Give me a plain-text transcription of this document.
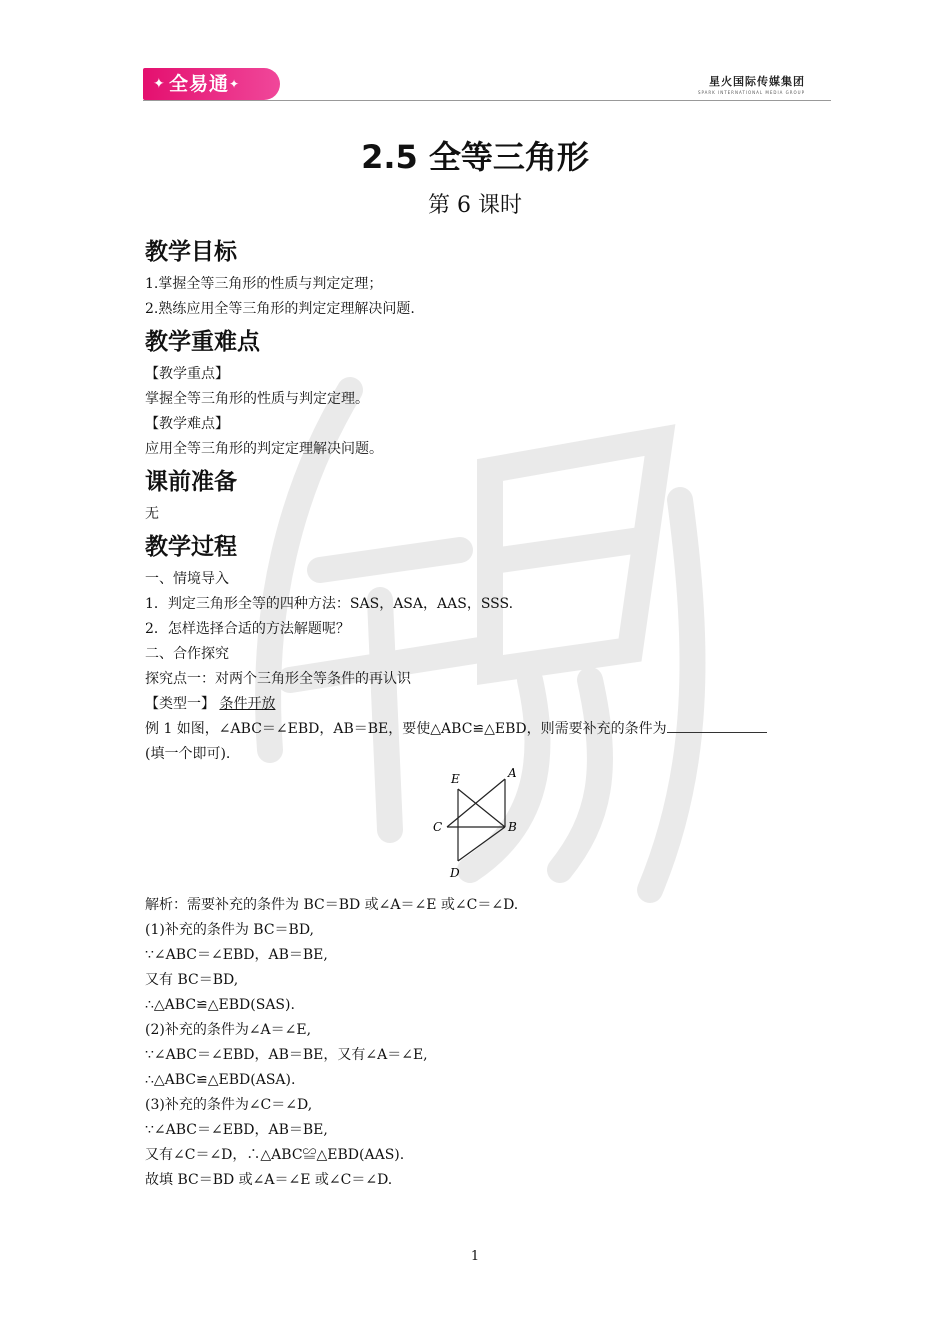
✦ 全易通✦	星火国际传媒集团
SPARK INTERNATIONAL MEDIA GROUP
2.5 全等三角形
第 6 课时
教学目标
1.掌握全等三角形的性质与判定定理；
2.熟练应用全等三角形的判定定理解决问题.
教学重难点
【教学重点】
掌握全等三角形的性质与判定定理。
【教学难点】
应用全等三角形的判定定理解决问题。
课前准备
无
教学过程
一、情境导入
1．判定三角形全等的四种方法：SAS，ASA，AAS，SSS.
2．怎样选择合适的方法解题呢？
二、合作探究
探究点一：对两个三角形全等条件的再认识
【类型一】 条件开放
例 1 如图，∠ABC＝∠EBD，AB＝BE，要使△ABC≌△EBD，则需要补充的条件为
(填一个即可).
E	A
C	B
D
解析：需要补充的条件为 BC＝BD 或∠A＝∠E 或∠C＝∠D.
(1)补充的条件为 BC＝BD,
∵∠ABC＝∠EBD，AB＝BE,
又有 BC＝BD,
∴△ABC≌△EBD(SAS).
(2)补充的条件为∠A＝∠E,
∵∠ABC＝∠EBD，AB＝BE，又有∠A＝∠E,
∴△ABC≌△EBD(ASA).
(3)补充的条件为∠C＝∠D,
∵∠ABC＝∠EBD，AB＝BE,
又有∠C＝∠D，∴△ABC≌△EBD(AAS).
故填 BC＝BD 或∠A＝∠E 或∠C＝∠D.
1
